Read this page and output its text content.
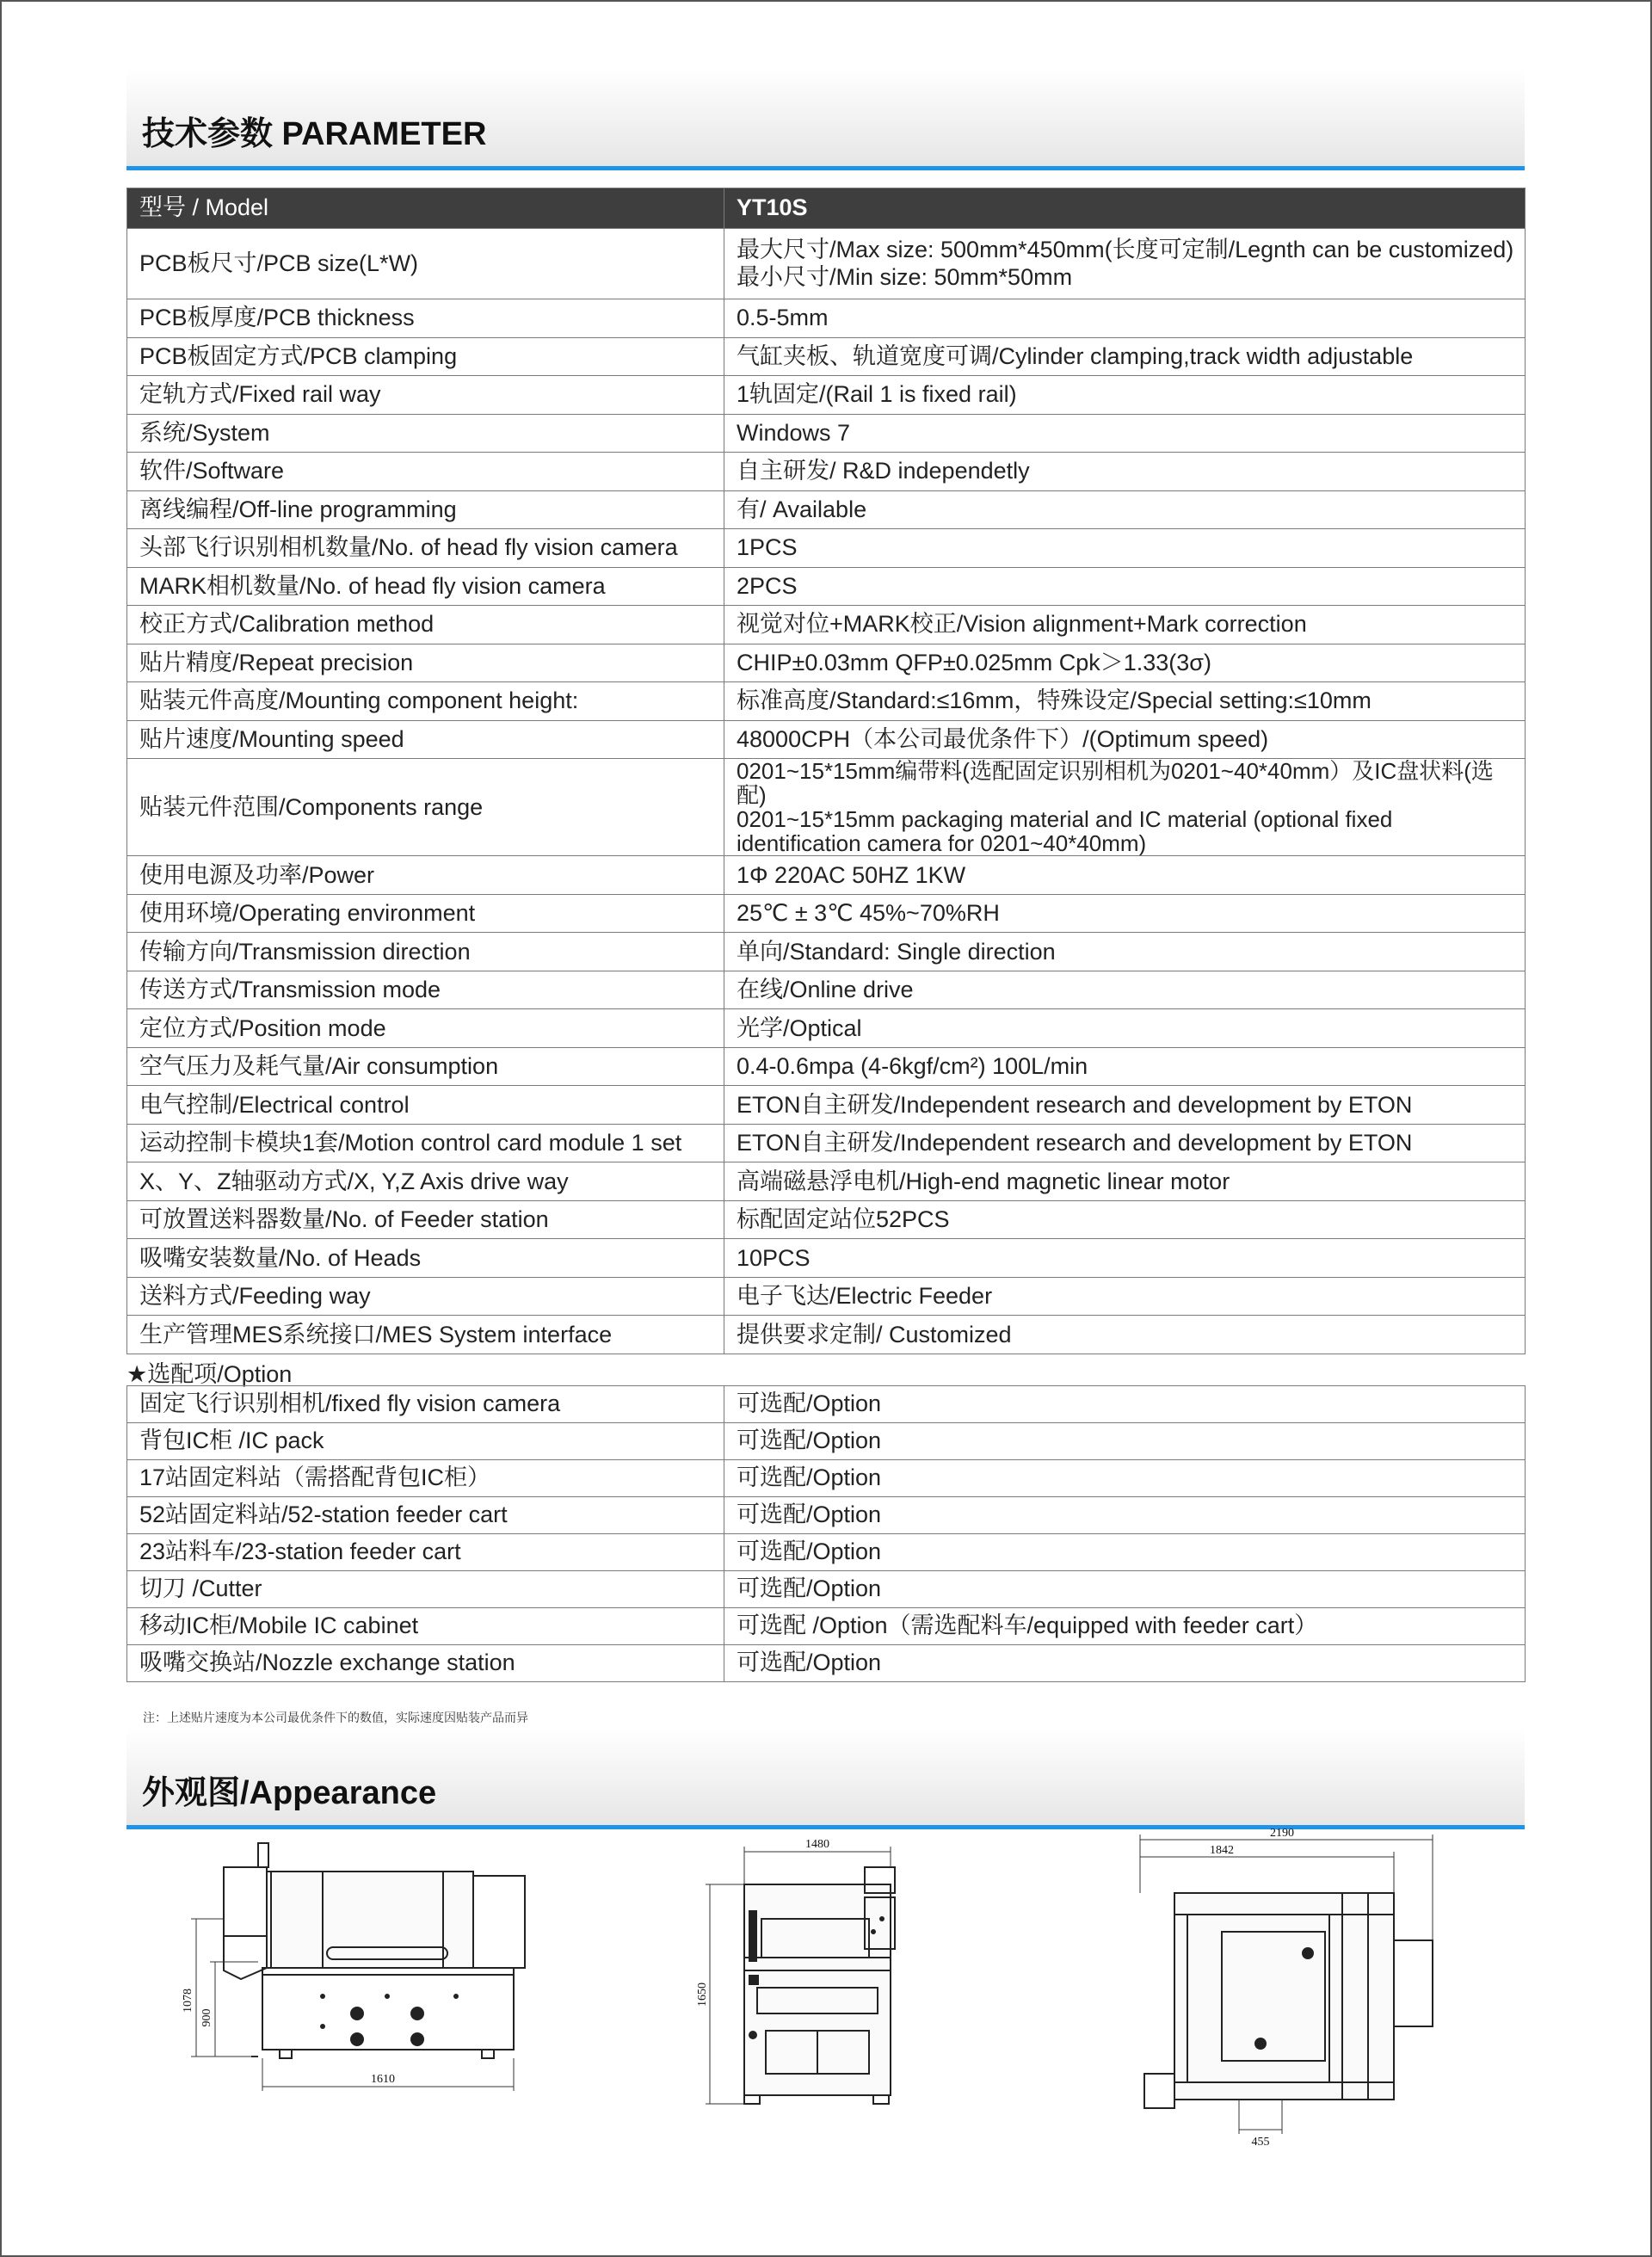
技术参数 PARAMETER
型号 / Model	YT10S
PCB板尺寸/PCB size(L*W)	最大尺寸/Max size: 500mm*450mm(长度可定制/Legnth can be customized)
最小尺寸/Min size: 50mm*50mm

PCB板厚度/PCB thickness	0.5-5mm
PCB板固定方式/PCB clamping	气缸夹板、轨道宽度可调/Cylinder clamping,track width adjustable
定轨方式/Fixed rail way	1轨固定/(Rail 1 is fixed rail)
系统/System	Windows 7
软件/Software	自主研发/ R&D independetly
离线编程/Off-line programming	有/ Available
头部飞行识别相机数量/No. of head fly vision camera	1PCS
MARK相机数量/No. of head fly vision camera	2PCS
校正方式/Calibration method	视觉对位+MARK校正/Vision alignment+Mark correction
贴片精度/Repeat precision	CHIP±0.03mm QFP±0.025mm Cpk＞1.33(3σ)
贴装元件高度/Mounting component height:	标准高度/Standard:≤16mm，特殊设定/Special setting:≤10mm
贴片速度/Mounting speed	48000CPH（本公司最优条件下）/(Optimum speed)
贴装元件范围/Components range	0201~15*15mm编带料(选配固定识别相机为0201~40*40mm）及IC盘状料(选配)
0201~15*15mm packaging material and IC material (optional fixed
identification camera for 0201~40*40mm)

使用电源及功率/Power	1Φ 220AC 50HZ 1KW
使用环境/Operating environment	25℃ ± 3℃ 45%~70%RH
传输方向/Transmission direction	单向/Standard: Single direction
传送方式/Transmission mode	在线/Online drive
定位方式/Position mode	光学/Optical
空气压力及耗气量/Air consumption	0.4-0.6mpa (4-6kgf/cm²) 100L/min
电气控制/Electrical control	ETON自主研发/Independent research and development by ETON
运动控制卡模块1套/Motion control card module 1 set	ETON自主研发/Independent research and development by ETON
X、Y、Z轴驱动方式/X, Y,Z Axis drive way	高端磁悬浮电机/High-end magnetic linear motor
可放置送料器数量/No. of Feeder station	标配固定站位52PCS
吸嘴安装数量/No. of Heads	10PCS
送料方式/Feeding way	电子飞达/Electric Feeder
生产管理MES系统接口/MES System interface	提供要求定制/ Customized
★选配项/Option
固定飞行识别相机/fixed fly vision camera	可选配/Option
背包IC柜 /IC pack	可选配/Option
17站固定料站（需搭配背包IC柜）	可选配/Option
52站固定料站/52-station feeder cart	可选配/Option
23站料车/23-station feeder cart	可选配/Option
切刀 /Cutter	可选配/Option
移动IC柜/Mobile IC cabinet	可选配 /Option（需选配料车/equipped with feeder cart）
吸嘴交换站/Nozzle exchange station	可选配/Option
注：上述贴片速度为本公司最优条件下的数值，实际速度因贴装产品而异
外观图/Appearance
1078
900
1610
1480
1650
2190
1842
455
